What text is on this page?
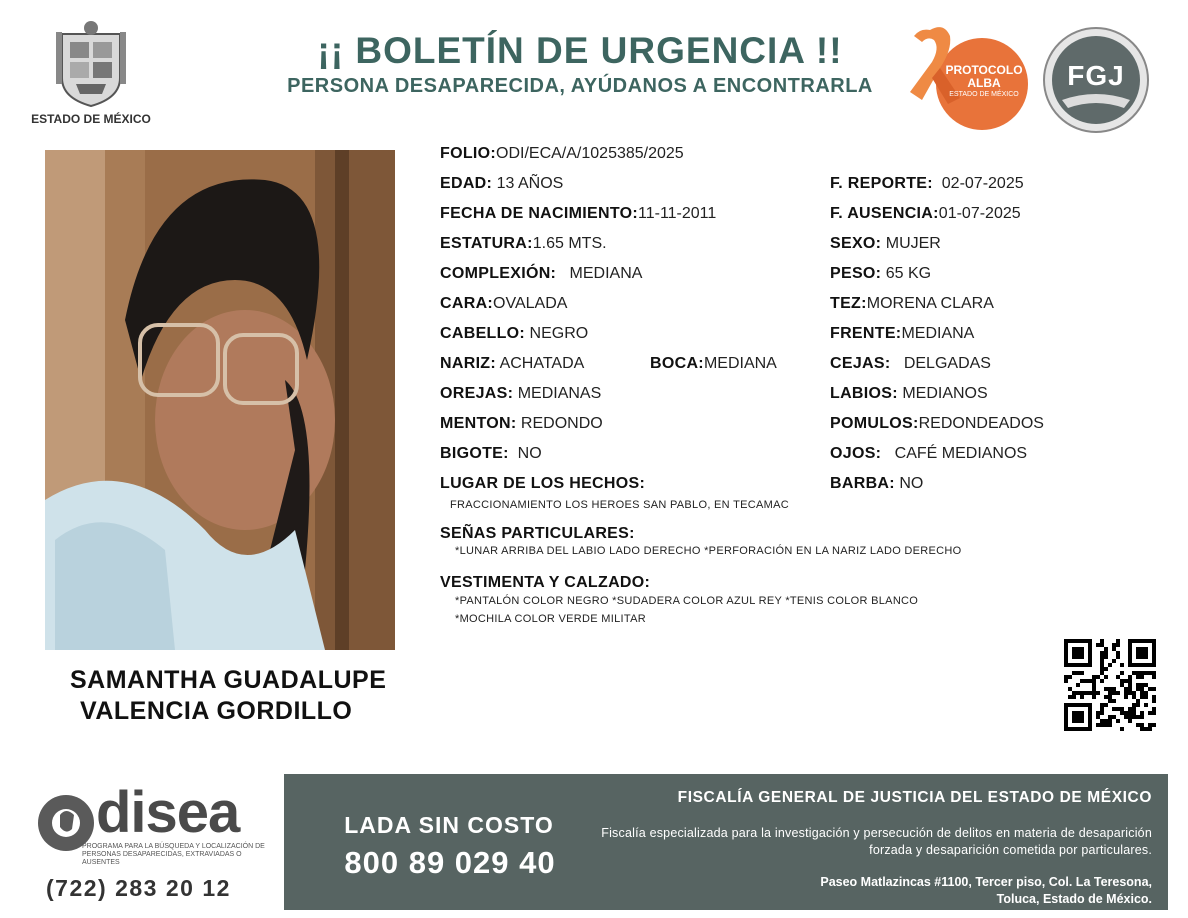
ESTADO DE MÉXICO
¡¡ BOLETÍN DE URGENCIA !!
PERSONA DESAPARECIDA, AYÚDANOS A ENCONTRARLA
PROTOCOLO
ALBA
ESTADO DE MÉXICO
FGJ
SAMANTHA GUADALUPE
VALENCIA GORDILLO
FOLIO:ODI/ECA/A/1025385/2025
EDAD: 13 AÑOS
FECHA DE NACIMIENTO:11-11-2011
ESTATURA:1.65 MTS.
COMPLEXIÓN: MEDIANA
CARA:OVALADA
CABELLO: NEGRO
NARIZ: ACHATADA	BOCA:MEDIANA
OREJAS: MEDIANAS
MENTON: REDONDO
BIGOTE: NO
LUGAR DE LOS HECHOS:
FRACCIONAMIENTO LOS HEROES SAN PABLO, EN TECAMAC
F. REPORTE: 02-07-2025
F. AUSENCIA:01-07-2025
SEXO: MUJER
PESO: 65 KG
TEZ:MORENA CLARA
FRENTE:MEDIANA
CEJAS: DELGADAS
LABIOS: MEDIANOS
POMULOS:REDONDEADOS
OJOS: CAFÉ MEDIANOS
BARBA: NO
SEÑAS PARTICULARES:
*LUNAR ARRIBA DEL LABIO LADO DERECHO *PERFORACIÓN EN LA NARIZ LADO DERECHO
VESTIMENTA Y CALZADO:
*PANTALÓN COLOR NEGRO *SUDADERA COLOR AZUL REY *TENIS COLOR BLANCO
*MOCHILA COLOR VERDE MILITAR
disea
PROGRAMA PARA LA BÚSQUEDA Y LOCALIZACIÓN DE PERSONAS DESAPARECIDAS, EXTRAVIADAS O AUSENTES
(722) 283 20 12
LADA SIN COSTO
800 89 029 40
FISCALÍA GENERAL DE JUSTICIA DEL ESTADO DE MÉXICO
Fiscalía especializada para la investigación y persecución de delitos en materia de desaparición forzada y desaparición cometida por particulares.
Paseo Matlazincas #1100, Tercer piso, Col. La Teresona,
Toluca, Estado de México.
